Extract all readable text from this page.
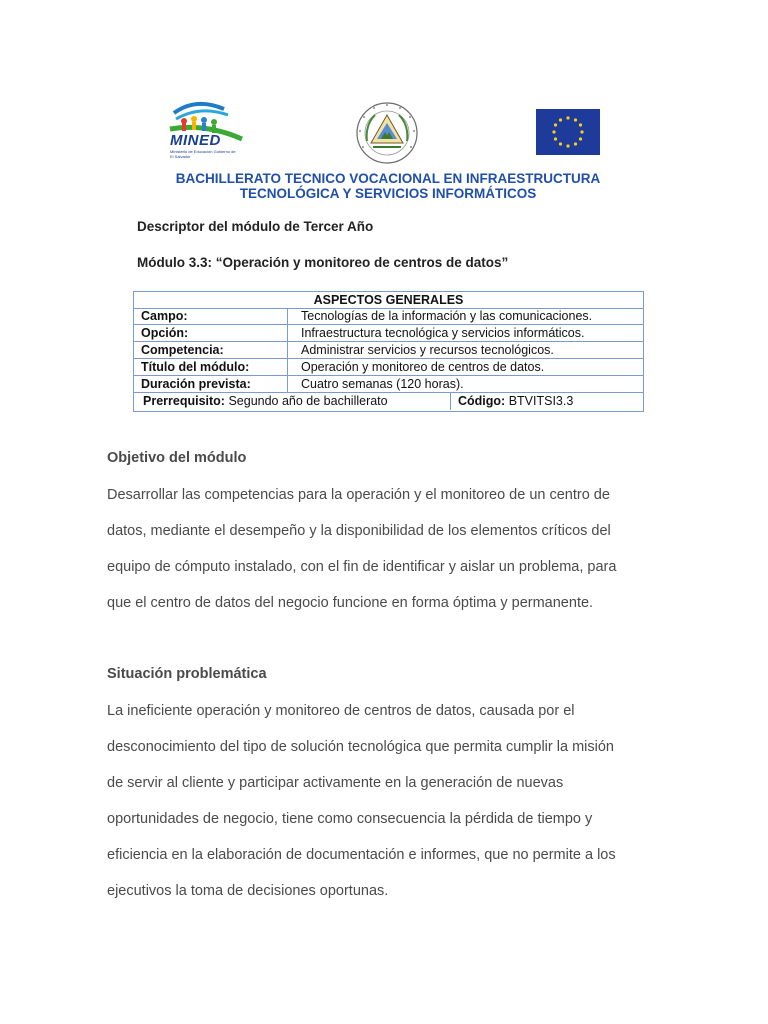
MINED
Ministerio de Educación Gobierno de El Salvador
BACHILLERATO TECNICO VOCACIONAL EN INFRAESTRUCTURA
TECNOLÓGICA Y SERVICIOS INFORMÁTICOS
Descriptor del módulo de Tercer Año
Módulo 3.3: “Operación y monitoreo de centros de datos”
ASPECTOS GENERALES
Campo:	Tecnologías de la información y las comunicaciones.
Opción:	Infraestructura tecnológica y servicios informáticos.
Competencia:	Administrar servicios y recursos tecnológicos.
Título del módulo:	Operación y monitoreo de centros de datos.
Duración prevista:	Cuatro semanas (120 horas).
Prerrequisito: Segundo año de bachillerato	Código: BTVITSI3.3
Objetivo del módulo
Desarrollar las competencias para la operación y el monitoreo de un centro de
datos, mediante el desempeño y la disponibilidad de los elementos críticos del
equipo de cómputo instalado, con el fin de identificar y aislar un problema, para
que el centro de datos del negocio funcione en forma óptima y permanente.
Situación problemática
La ineficiente operación y monitoreo de centros de datos, causada por el
desconocimiento del tipo de solución tecnológica que permita cumplir la misión
de servir al cliente y participar activamente en la generación de nuevas
oportunidades de negocio, tiene como consecuencia la pérdida de tiempo y
eficiencia en la elaboración de documentación e informes, que no permite a los
ejecutivos la toma de decisiones oportunas.
